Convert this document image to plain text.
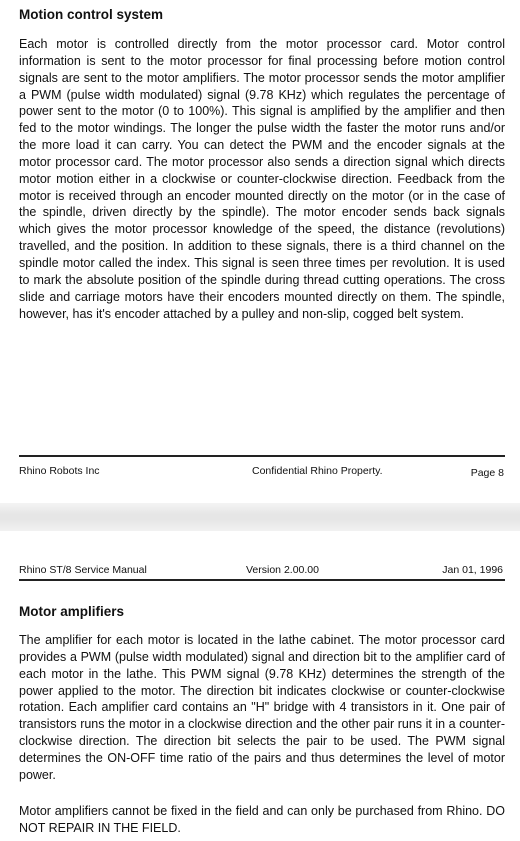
Motion control system

Each motor is controlled directly from the motor processor card. Motor control information is sent to the motor processor for final processing before motion control signals are sent to the motor amplifiers. The motor processor sends the motor amplifier a PWM (pulse width modulated) signal (9.78 KHz) which regulates the percentage of power sent to the motor (0 to 100%). This signal is amplified by the amplifier and then fed to the motor windings. The longer the pulse width the faster the motor runs and/or the more load it can carry. You can detect the PWM and the encoder signals at the motor processor card. The motor processor also sends a direction signal which directs motor motion either in a clockwise or counter-clockwise direction. Feedback from the motor is received through an encoder mounted directly on the motor (or in the case of the spindle, driven directly by the spindle). The motor encoder sends back signals which gives the motor processor knowledge of the speed, the distance (revolutions) travelled, and the position. In addition to these signals, there is a third channel on the spindle motor called the index. This signal is seen three times per revolution. It is used to mark the absolute position of the spindle during thread cutting operations. The cross slide and carriage motors have their encoders mounted directly on them. The spindle, however, has it's encoder attached by a pulley and non-slip, cogged belt system.

Rhino Robots Inc	Confidential Rhino Property.	Page 8

Rhino ST/8 Service Manual	Version 2.00.00	Jan 01, 1996

Motor amplifiers

The amplifier for each motor is located in the lathe cabinet. The motor processor card provides a PWM (pulse width modulated) signal and direction bit to the amplifier card of each motor in the lathe. This PWM signal (9.78 KHz) determines the strength of the power applied to the motor. The direction bit indicates clockwise or counter-clockwise rotation. Each amplifier card contains an "H" bridge with 4 transistors in it. One pair of transistors runs the motor in a clockwise direction and the other pair runs it in a counter-clockwise direction. The direction bit selects the pair to be used. The PWM signal determines the ON-OFF time ratio of the pairs and thus determines the level of motor power.

Motor amplifiers cannot be fixed in the field and can only be purchased from Rhino. DO NOT REPAIR IN THE FIELD.
